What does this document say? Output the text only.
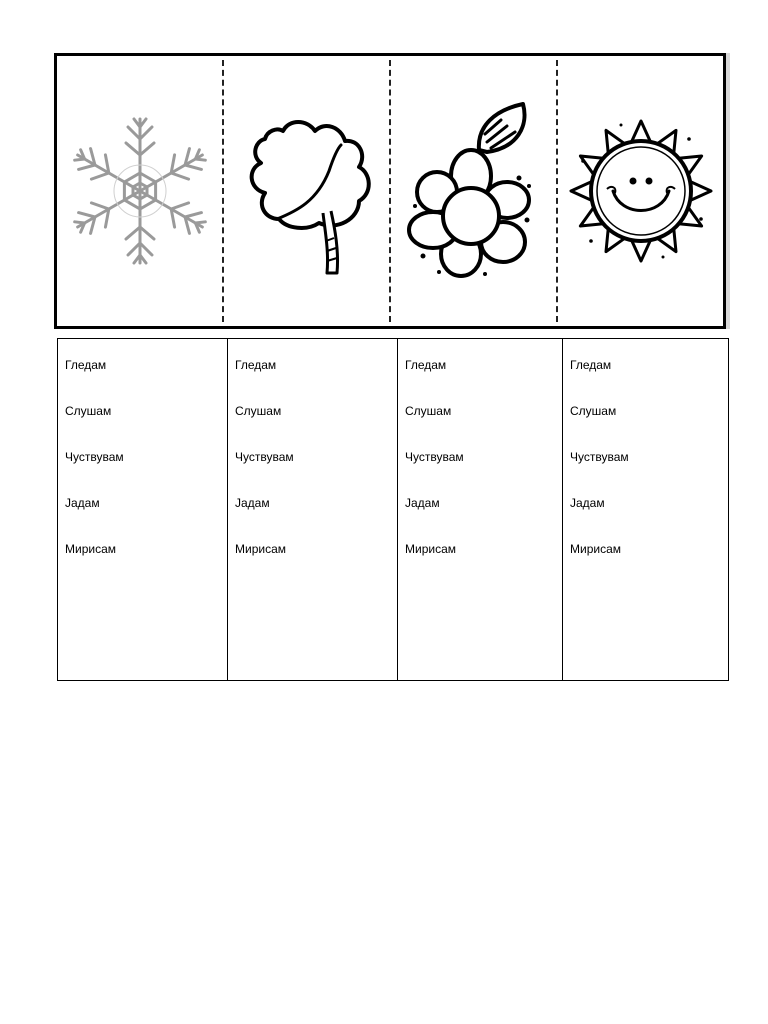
Гледам
Слушам
Чуствувам
Јадам
Мирисам

Гледам
Слушам
Чуствувам
Јадам
Мирисам

Гледам
Слушам
Чуствувам
Јадам
Мирисам

Гледам
Слушам
Чуствувам
Јадам
Мирисам
